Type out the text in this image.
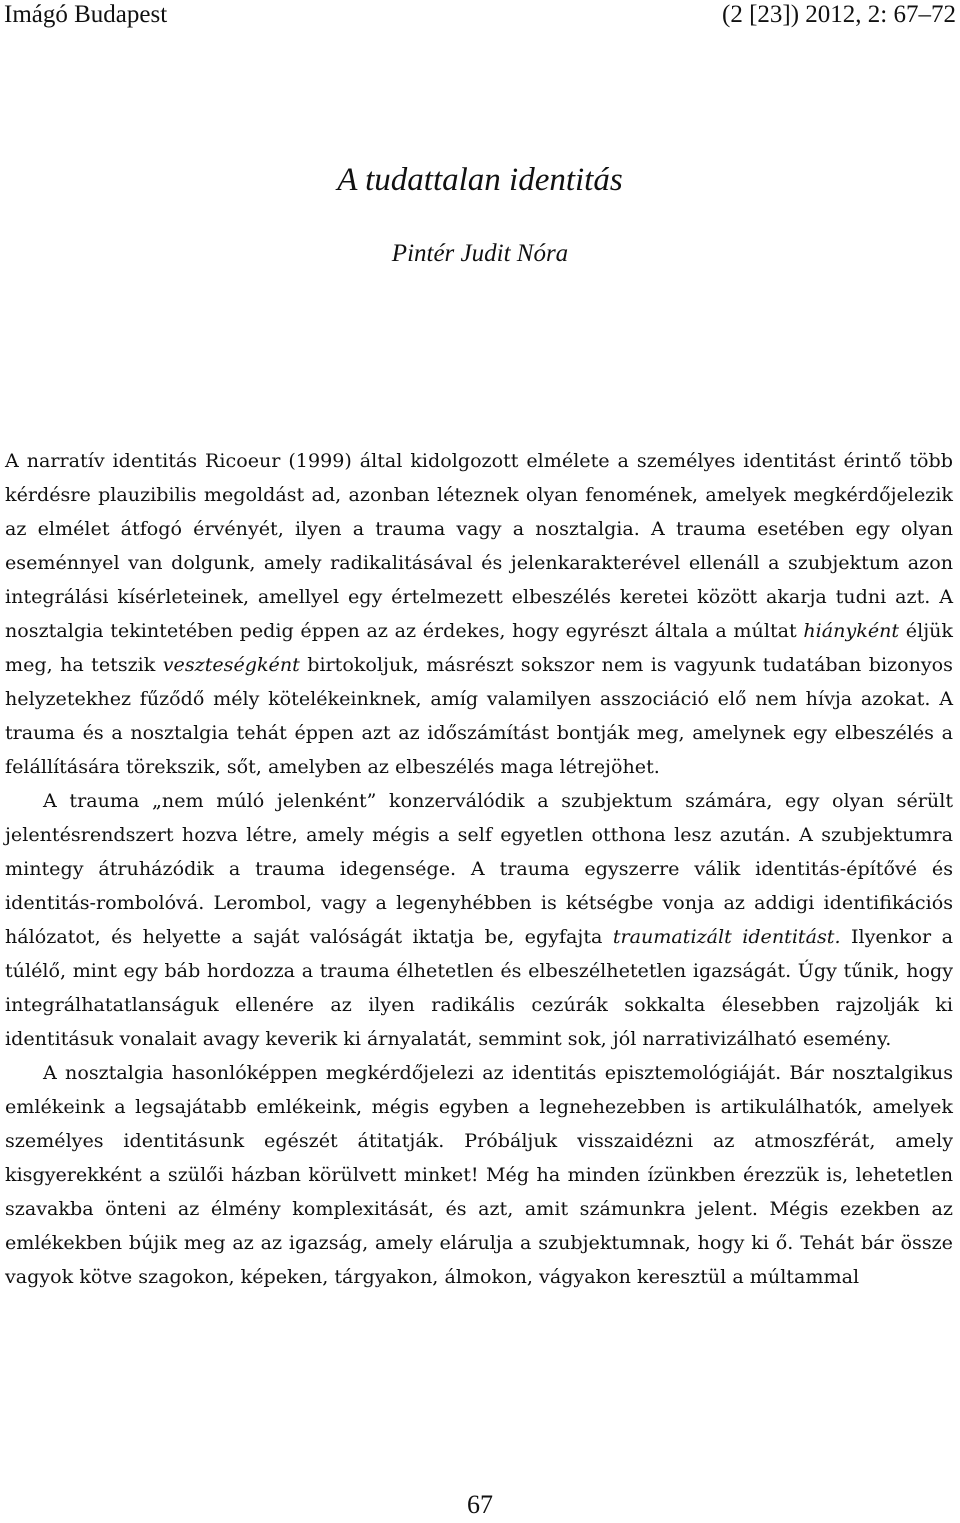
Imágó Budapest	(2 [23]) 2012, 2: 67–72
A tudattalan identitás
Pintér Judit Nóra

A narratív identitás Ricoeur (1999) által kidolgozott elmélete a személyes identitást érintő több kérdésre plauzibilis megoldást ad, azonban léteznek olyan fenomének, amelyek megkérdőjelezik az elmélet átfogó érvényét, ilyen a trauma vagy a nosztalgia. A trauma esetében egy olyan eseménnyel van dolgunk, amely radikalitásával és jelenkarakterével ellenáll a szubjektum azon integrálási kísérleteinek, amellyel egy értelmezett elbeszélés keretei között akarja tudni azt. A nosztalgia tekintetében pedig éppen az az érdekes, hogy egyrészt általa a múltat hiányként éljük meg, ha tetszik veszteségként birtokoljuk, másrészt sokszor nem is vagyunk tudatában bizonyos helyzetekhez fűződő mély kötelékeinknek, amíg valamilyen asszociáció elő nem hívja azokat. A trauma és a nosztalgia tehát éppen azt az időszámítást bontják meg, amelynek egy elbeszélés a felállítására törekszik, sőt, amelyben az elbeszélés maga létrejöhet.

A trauma „nem múló jelenként” konzerválódik a szubjektum számára, egy olyan sérült jelentésrendszert hozva létre, amely mégis a self egyetlen otthona lesz azután. A szubjektumra mintegy átruházódik a trauma idegensége. A trauma egyszerre válik identitás-építővé és identitás-rombolóvá. Lerombol, vagy a legenyhébben is kétségbe vonja az addigi identifikációs hálózatot, és helyette a saját valóságát iktatja be, egyfajta traumatizált identitást. Ilyenkor a túlélő, mint egy báb hordozza a trauma élhetetlen és elbeszélhetetlen igazságát. Úgy tűnik, hogy integrálhatatlanságuk ellenére az ilyen radikális cezúrák sokkalta élesebben rajzolják ki identitásuk vonalait avagy keverik ki árnyalatát, semmint sok, jól narrativizálható esemény.

A nosztalgia hasonlóképpen megkérdőjelezi az identitás episztemológiáját. Bár nosztalgikus emlékeink a legsajátabb emlékeink, mégis egyben a legnehezebben is artikulálhatók, amelyek személyes identitásunk egészét átitatják. Próbáljuk visszaidézni az atmoszférát, amely kisgyerekként a szülői házban körülvett minket! Még ha minden ízünkben érezzük is, lehetetlen szavakba önteni az élmény komplexitását, és azt, amit számunkra jelent. Mégis ezekben az emlékekben bújik meg az az igazság, amely elárulja a szubjektumnak, hogy ki ő. Tehát bár össze vagyok kötve szagokon, képeken, tárgyakon, álmokon, vágyakon keresztül a múltammal

67
